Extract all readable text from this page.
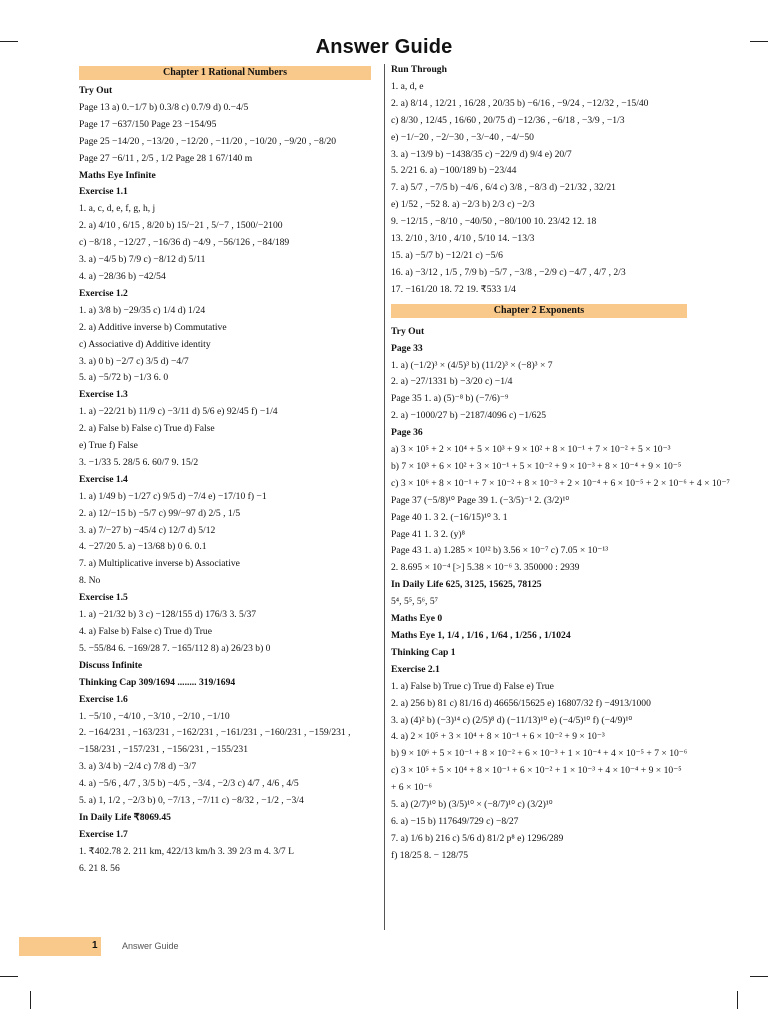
Answer Guide
Chapter 1 Rational Numbers
Try Out
Page 13 a) 0.−1/7 b) 0.3/8 c) 0.7/9 d) 0.−4/5
Page 17 −637/150 Page 23 −154/95
Page 25 −14/20 , −13/20 , −12/20 , −11/20 , −10/20 , −9/20 , −8/20
Page 27 −6/11 , 2/5 , 1/2 Page 28 1 67/140 m
Maths Eye Infinite
Exercise 1.1
1. a, c, d, e, f, g, h, j
2. a) 4/10 , 6/15 , 8/20 b) 15/−21 , 5/−7 , 1500/−2100
c) −8/18 , −12/27 , −16/36 d) −4/9 , −56/126 , −84/189
3. a) −4/5 b) 7/9 c) −8/12 d) 5/11
4. a) −28/36 b) −42/54
Exercise 1.2
1. a) 3/8 b) −29/35 c) 1/4 d) 1/24
2. a) Additive inverse b) Commutative
c) Associative d) Additive identity
3. a) 0 b) −2/7 c) 3/5 d) −4/7
5. a) −5/72 b) −1/3 6. 0
Exercise 1.3
1. a) −22/21 b) 11/9 c) −3/11 d) 5/6 e) 92/45 f) −1/4
2. a) False b) False c) True d) False
e) True f) False
3. −1/33 5. 28/5 6. 60/7 9. 15/2
Exercise 1.4
1. a) 1/49 b) −1/27 c) 9/5 d) −7/4 e) −17/10 f) −1
2. a) 12/−15 b) −5/7 c) 99/−97 d) 2/5 , 1/5
3. a) 7/−27 b) −45/4 c) 12/7 d) 5/12
4. −27/20 5. a) −13/68 b) 0 6. 0.1
7. a) Multiplicative inverse b) Associative
8. No
Exercise 1.5
1. a) −21/32 b) 3 c) −128/155 d) 176/3 3. 5/37
4. a) False b) False c) True d) True
5. −55/84 6. −169/28 7. −165/112 8) a) 26/23 b) 0
Discuss Infinite
Thinking Cap 309/1694 ........ 319/1694
Exercise 1.6
1. −5/10 , −4/10 , −3/10 , −2/10 , −1/10
2. −164/231 , −163/231 , −162/231 , −161/231 , −160/231 , −159/231 , −158/231 , −157/231 , −156/231 , −155/231
3. a) 3/4 b) −2/4 c) 7/8 d) −3/7
4. a) −5/6 , 4/7 , 3/5 b) −4/5 , −3/4 , −2/3 c) 4/7 , 4/6 , 4/5
5. a) 1, 1/2 , −2/3 b) 0, −7/13 , −7/11 c) −8/32 , −1/2 , −3/4
In Daily Life ₹8069.45
Exercise 1.7
1. ₹402.78 2. 211 km, 422/13 km/h 3. 39 2/3 m 4. 3/7 L
6. 21 8. 56
Run Through
1. a, d, e
2. a) 8/14 , 12/21 , 16/28 , 20/35 b) −6/16 , −9/24 , −12/32 , −15/40
c) 8/30 , 12/45 , 16/60 , 20/75 d) −12/36 , −6/18 , −3/9 , −1/3
e) −1/−20 , −2/−30 , −3/−40 , −4/−50
3. a) −13/9 b) −1438/35 c) −22/9 d) 9/4 e) 20/7
5. 2/21 6. a) −100/189 b) −23/44
7. a) 5/7 , −7/5 b) −4/6 , 6/4 c) 3/8 , −8/3 d) −21/32 , 32/21
e) 1/52 , −52 8. a) −2/3 b) 2/3 c) −2/3
9. −12/15 , −8/10 , −40/50 , −80/100 10. 23/42 12. 18
13. 2/10 , 3/10 , 4/10 , 5/10 14. −13/3
15. a) −5/7 b) −12/21 c) −5/6
16. a) −3/12 , 1/5 , 7/9 b) −5/7 , −3/8 , −2/9 c) −4/7 , 4/7 , 2/3
17. −161/20 18. 72 19. ₹533 1/4
Chapter 2 Exponents
Try Out
Page 33
1. a) (−1/2)³ × (4/5)³ b) (11/2)³ × (−8)³ × 7
2. a) −27/1331 b) −3/20 c) −1/4
Page 35 1. a) (5)⁻⁸ b) (−7/6)⁻⁹
2. a) −1000/27 b) −2187/4096 c) −1/625
Page 36
a) 3 × 10⁵ + 2 × 10⁴ + 5 × 10³ + 9 × 10² + 8 × 10⁻¹ + 7 × 10⁻² + 5 × 10⁻³
b) 7 × 10³ + 6 × 10² + 3 × 10⁻¹ + 5 × 10⁻² + 9 × 10⁻³ + 8 × 10⁻⁴ + 9 × 10⁻⁵
c) 3 × 10⁶ + 8 × 10⁻¹ + 7 × 10⁻² + 8 × 10⁻³ + 2 × 10⁻⁴ + 6 × 10⁻⁵ + 2 × 10⁻⁶ + 4 × 10⁻⁷
Page 37 (−5/8)¹⁰ Page 39 1. (−3/5)⁻¹ 2. (3/2)¹⁰
Page 40 1. 3 2. (−16/15)¹⁰ 3. 1
Page 41 1. 3 2. (y)⁸
Page 43 1. a) 1.285 × 10¹² b) 3.56 × 10⁻⁷ c) 7.05 × 10⁻¹³
2. 8.695 × 10⁻⁴ [>] 5.38 × 10⁻⁶ 3. 350000 : 2939
In Daily Life 625, 3125, 15625, 78125
5⁴, 5⁵, 5⁶, 5⁷
Maths Eye 0
Maths Eye 1, 1/4 , 1/16 , 1/64 , 1/256 , 1/1024
Thinking Cap 1
Exercise 2.1
1. a) False b) True c) True d) False e) True
2. a) 256 b) 81 c) 81/16 d) 46656/15625 e) 16807/32 f) −4913/1000
3. a) (4)² b) (−3)¹⁴ c) (2/5)⁸ d) (−11/13)¹⁰ e) (−4/5)¹⁰ f) (−4/9)¹⁰
4. a) 2 × 10⁵ + 3 × 10⁴ + 8 × 10⁻¹ + 6 × 10⁻² + 9 × 10⁻³
b) 9 × 10⁶ + 5 × 10⁻¹ + 8 × 10⁻² + 6 × 10⁻³ + 1 × 10⁻⁴ + 4 × 10⁻⁵ + 7 × 10⁻⁶
c) 3 × 10⁵ + 5 × 10⁴ + 8 × 10⁻¹ + 6 × 10⁻² + 1 × 10⁻³ + 4 × 10⁻⁴ + 9 × 10⁻⁵ + 6 × 10⁻⁶
5. a) (2/7)¹⁰ b) (3/5)¹⁰ × (−8/7)¹⁰ c) (3/2)¹⁰
6. a) −15 b) 117649/729 c) −8/27
7. a) 1/6 b) 216 c) 5/6 d) 81/2 p⁸ e) 1296/289
f) 18/25 8. − 128/75
1	Answer Guide
